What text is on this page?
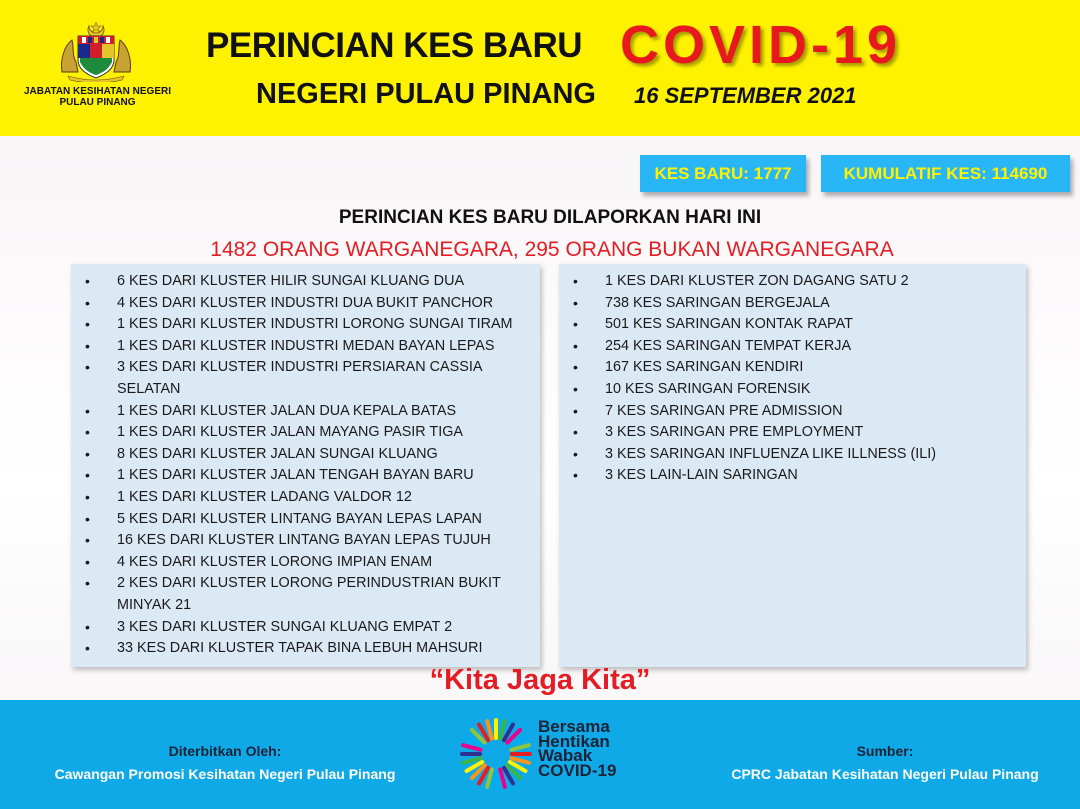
JABATAN KESIHATAN NEGERI
PULAU PINANG
PERINCIAN KES BARU COVID-19
NEGERI PULAU PINANG 16 SEPTEMBER 2021
KES BARU: 1777	KUMULATIF KES: 114690
PERINCIAN KES BARU DILAPORKAN HARI INI
1482 ORANG WARGANEGARA, 295 ORANG BUKAN WARGANEGARA
• 6 KES DARI KLUSTER HILIR SUNGAI KLUANG DUA
• 4 KES DARI KLUSTER INDUSTRI DUA BUKIT PANCHOR
• 1 KES DARI KLUSTER INDUSTRI LORONG SUNGAI TIRAM
• 1 KES DARI KLUSTER INDUSTRI MEDAN BAYAN LEPAS
• 3 KES DARI KLUSTER INDUSTRI PERSIARAN CASSIA SELATAN
• 1 KES DARI KLUSTER JALAN DUA KEPALA BATAS
• 1 KES DARI KLUSTER JALAN MAYANG PASIR TIGA
• 8 KES DARI KLUSTER JALAN SUNGAI KLUANG
• 1 KES DARI KLUSTER JALAN TENGAH BAYAN BARU
• 1 KES DARI KLUSTER LADANG VALDOR 12
• 5 KES DARI KLUSTER LINTANG BAYAN LEPAS LAPAN
• 16 KES DARI KLUSTER LINTANG BAYAN LEPAS TUJUH
• 4 KES DARI KLUSTER LORONG IMPIAN ENAM
• 2 KES DARI KLUSTER LORONG PERINDUSTRIAN BUKIT MINYAK 21
• 3 KES DARI KLUSTER SUNGAI KLUANG EMPAT 2
• 33 KES DARI KLUSTER TAPAK BINA LEBUH MAHSURI
• 1 KES DARI KLUSTER ZON DAGANG SATU 2
• 738 KES SARINGAN BERGEJALA
• 501 KES SARINGAN KONTAK RAPAT
• 254 KES SARINGAN TEMPAT KERJA
• 167 KES SARINGAN KENDIRI
• 10 KES SARINGAN FORENSIK
• 7 KES SARINGAN PRE ADMISSION
• 3 KES SARINGAN PRE EMPLOYMENT
• 3 KES SARINGAN INFLUENZA LIKE ILLNESS (ILI)
• 3 KES LAIN-LAIN SARINGAN
“Kita Jaga Kita”
Diterbitkan Oleh:
Cawangan Promosi Kesihatan Negeri Pulau Pinang
Bersama
Hentikan
Wabak
COVID-19
Sumber:
CPRC Jabatan Kesihatan Negeri Pulau Pinang
